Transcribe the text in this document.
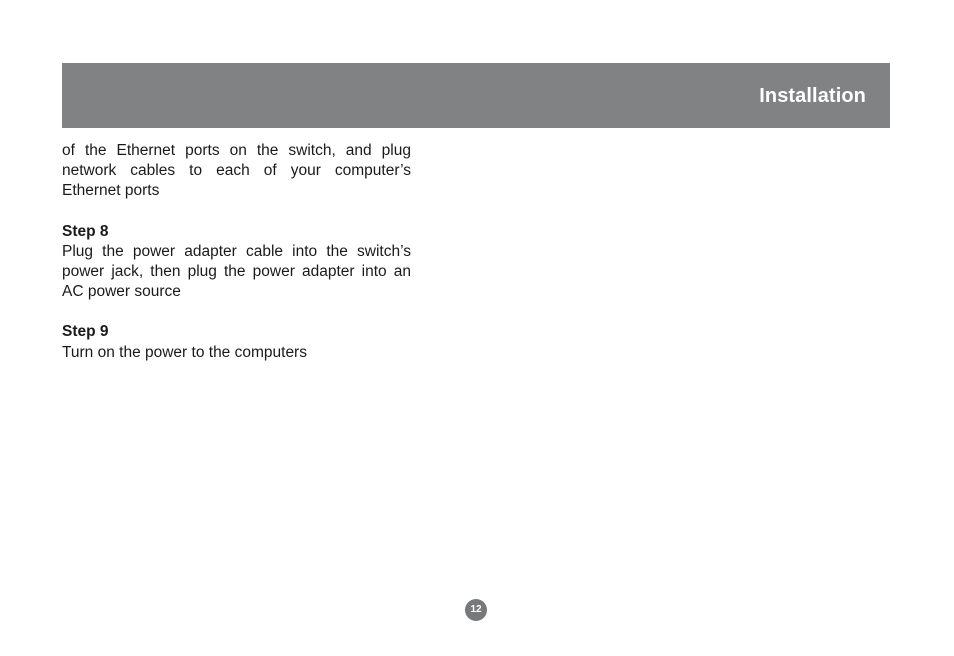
Installation

of the Ethernet ports on the switch, and plug network cables to each of your computer’s Ethernet ports

Step 8

Plug the power adapter cable into the switch’s power jack, then plug the power adapter into an AC power source

Step 9

Turn on the power to the computers

12
